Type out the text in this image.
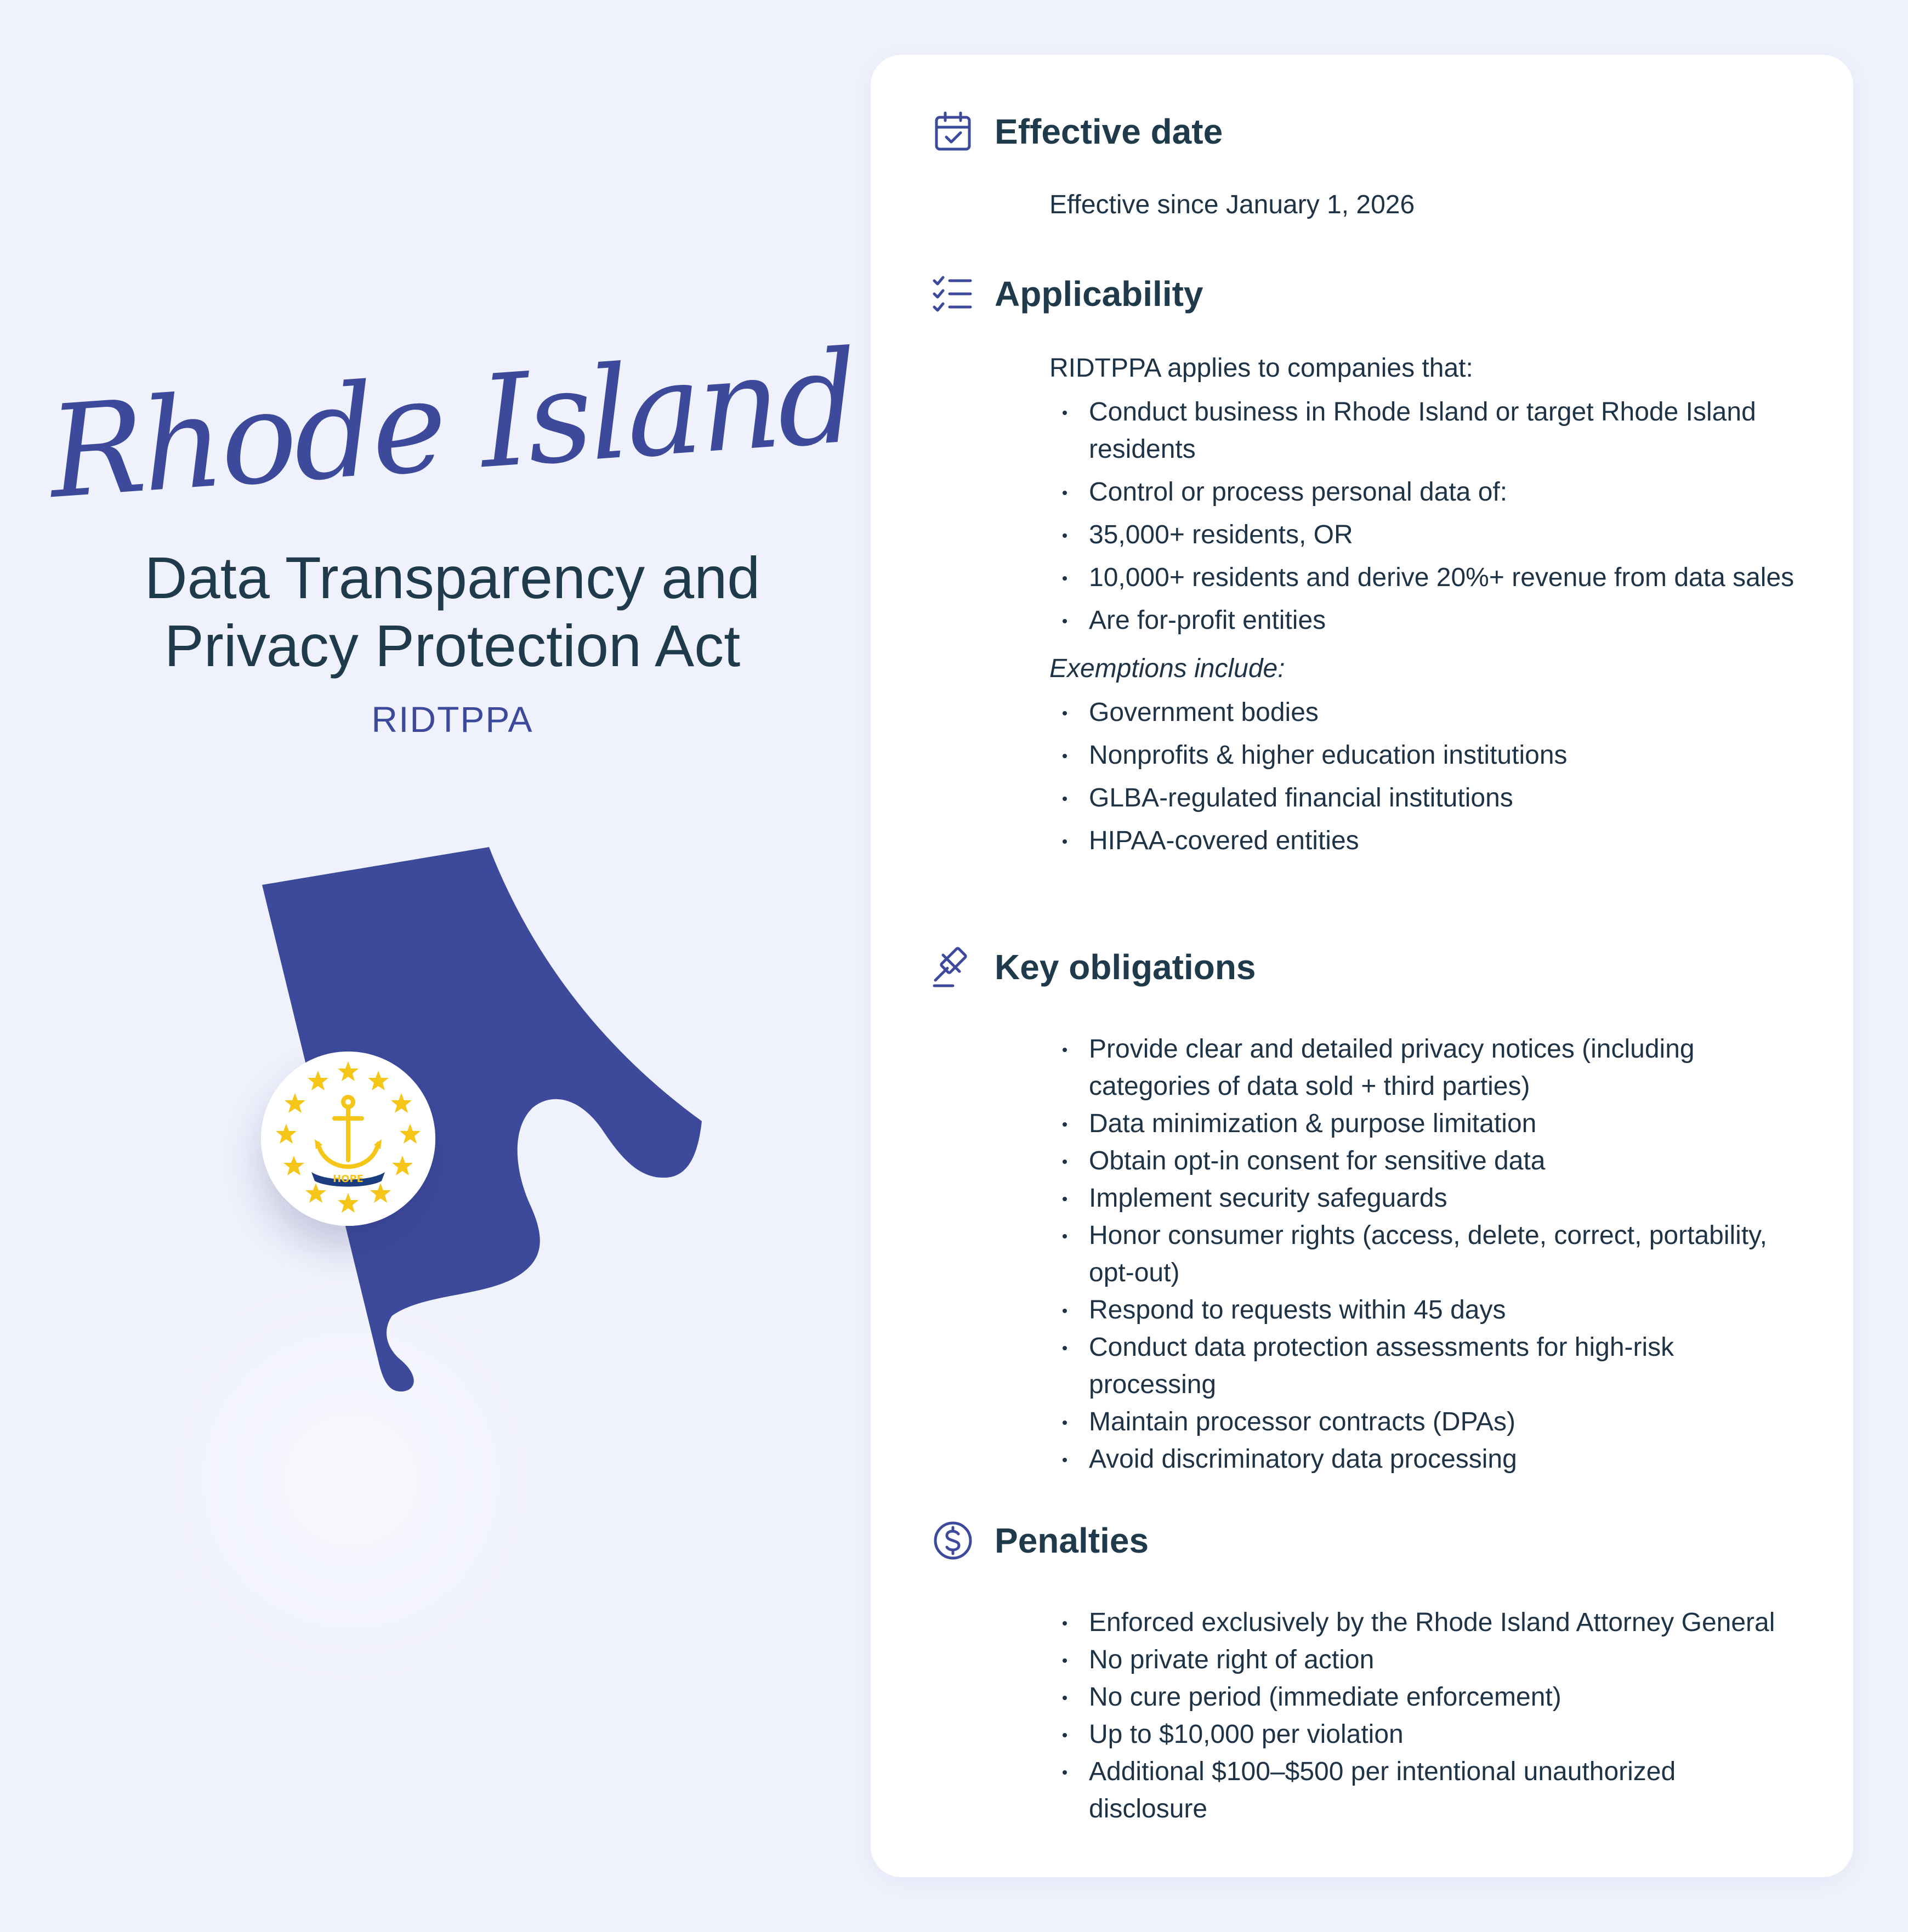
Rhode Island
Data Transparency and
Privacy Protection Act
RIDTPPA
HOPE
Effective date

Effective since January 1, 2026

Applicability

RIDTPPA applies to companies that:

Conduct business in Rhode Island or target Rhode Island residents
Control or process personal data of:
35,000+ residents, OR
10,000+ residents and derive 20%+ revenue from data sales
Are for-profit entities

Exemptions include:

Government bodies
Nonprofits & higher education institutions
GLBA-regulated financial institutions
HIPAA-covered entities
Key obligations
Provide clear and detailed privacy notices (including categories of data sold + third parties)
Data minimization & purpose limitation
Obtain opt-in consent for sensitive data
Implement security safeguards
Honor consumer rights (access, delete, correct, portability, opt-out)
Respond to requests within 45 days
Conduct data protection assessments for high-risk processing
Maintain processor contracts (DPAs)
Avoid discriminatory data processing
Penalties
Enforced exclusively by the Rhode Island Attorney General
No private right of action
No cure period (immediate enforcement)
Up to $10,000 per violation
Additional $100–$500 per intentional unauthorized disclosure
